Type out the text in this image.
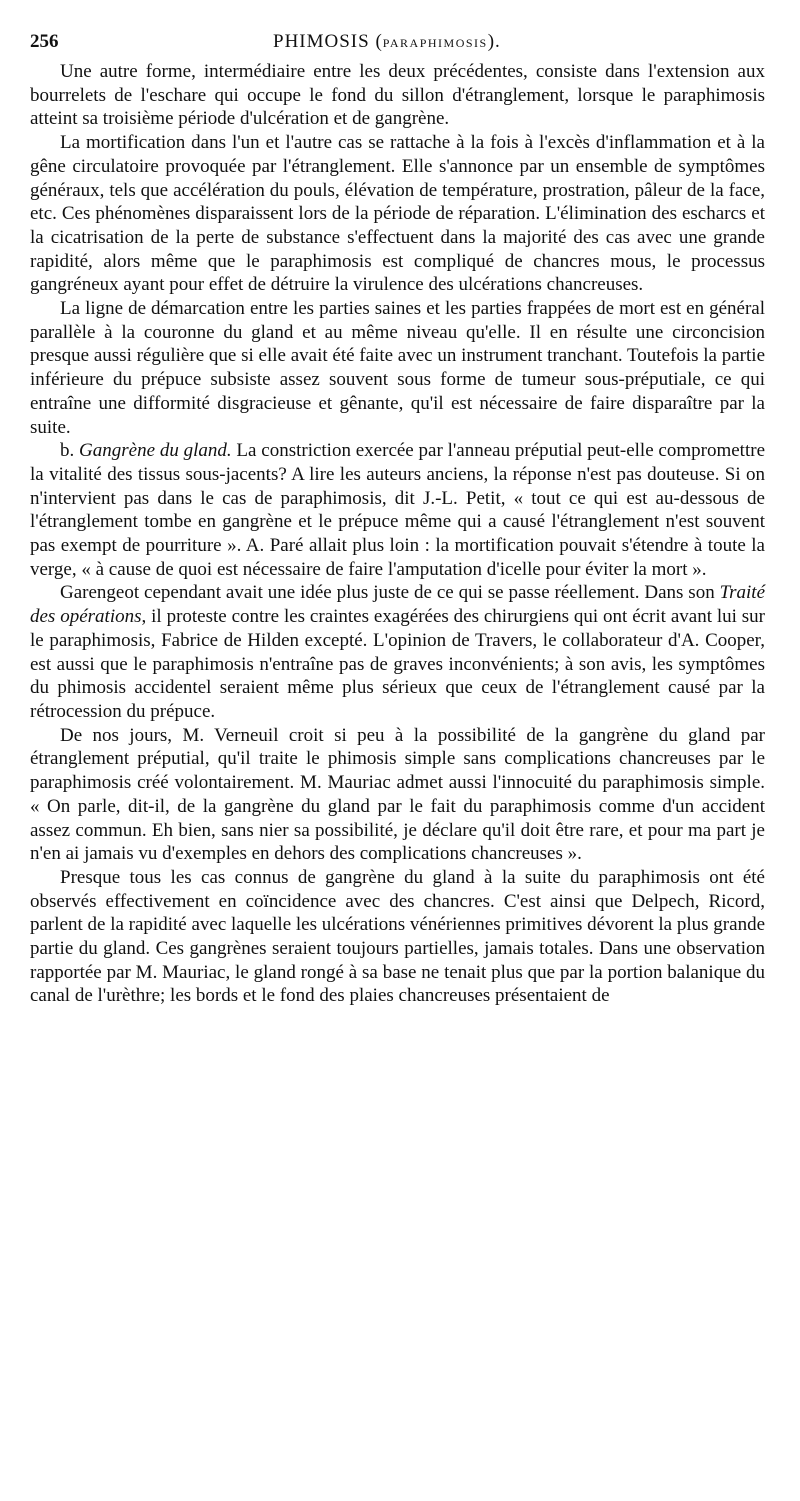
256	PHIMOSIS (PARAPHIMOSIS).

Une autre forme, intermédiaire entre les deux précédentes, consiste dans l'extension aux bourrelets de l'eschare qui occupe le fond du sillon d'étranglement, lorsque le paraphimosis atteint sa troisième période d'ulcération et de gangrène.

La mortification dans l'un et l'autre cas se rattache à la fois à l'excès d'inflammation et à la gêne circulatoire provoquée par l'étranglement. Elle s'annonce par un ensemble de symptômes généraux, tels que accélération du pouls, élévation de température, prostration, pâleur de la face, etc. Ces phénomènes disparaissent lors de la période de réparation. L'élimination des escharcs et la cicatrisation de la perte de substance s'effectuent dans la majorité des cas avec une grande rapidité, alors même que le paraphimosis est compliqué de chancres mous, le processus gangréneux ayant pour effet de détruire la virulence des ulcérations chancreuses.

La ligne de démarcation entre les parties saines et les parties frappées de mort est en général parallèle à la couronne du gland et au même niveau qu'elle. Il en résulte une circoncision presque aussi régulière que si elle avait été faite avec un instrument tranchant. Toutefois la partie inférieure du prépuce subsiste assez souvent sous forme de tumeur sous-préputiale, ce qui entraîne une difformité disgracieuse et gênante, qu'il est nécessaire de faire disparaître par la suite.

b. Gangrène du gland. La constriction exercée par l'anneau préputial peut-elle compromettre la vitalité des tissus sous-jacents? A lire les auteurs anciens, la réponse n'est pas douteuse. Si on n'intervient pas dans le cas de paraphimosis, dit J.-L. Petit, « tout ce qui est au-dessous de l'étranglement tombe en gangrène et le prépuce même qui a causé l'étranglement n'est souvent pas exempt de pourriture ». A. Paré allait plus loin : la mortification pouvait s'étendre à toute la verge, « à cause de quoi est nécessaire de faire l'amputation d'icelle pour éviter la mort ».

Garengeot cependant avait une idée plus juste de ce qui se passe réellement. Dans son Traité des opérations, il proteste contre les craintes exagérées des chirurgiens qui ont écrit avant lui sur le paraphimosis, Fabrice de Hilden excepté. L'opinion de Travers, le collaborateur d'A. Cooper, est aussi que le paraphimosis n'entraîne pas de graves inconvénients; à son avis, les symptômes du phimosis accidentel seraient même plus sérieux que ceux de l'étranglement causé par la rétrocession du prépuce.

De nos jours, M. Verneuil croit si peu à la possibilité de la gangrène du gland par étranglement préputial, qu'il traite le phimosis simple sans complications chancreuses par le paraphimosis créé volontairement. M. Mauriac admet aussi l'innocuité du paraphimosis simple. « On parle, dit-il, de la gangrène du gland par le fait du paraphimosis comme d'un accident assez commun. Eh bien, sans nier sa possibilité, je déclare qu'il doit être rare, et pour ma part je n'en ai jamais vu d'exemples en dehors des complications chancreuses ».

Presque tous les cas connus de gangrène du gland à la suite du paraphimosis ont été observés effectivement en coïncidence avec des chancres. C'est ainsi que Delpech, Ricord, parlent de la rapidité avec laquelle les ulcérations vénériennes primitives dévorent la plus grande partie du gland. Ces gangrènes seraient toujours partielles, jamais totales. Dans une observation rapportée par M. Mauriac, le gland rongé à sa base ne tenait plus que par la portion balanique du canal de l'urèthre; les bords et le fond des plaies chancreuses présentaient de
